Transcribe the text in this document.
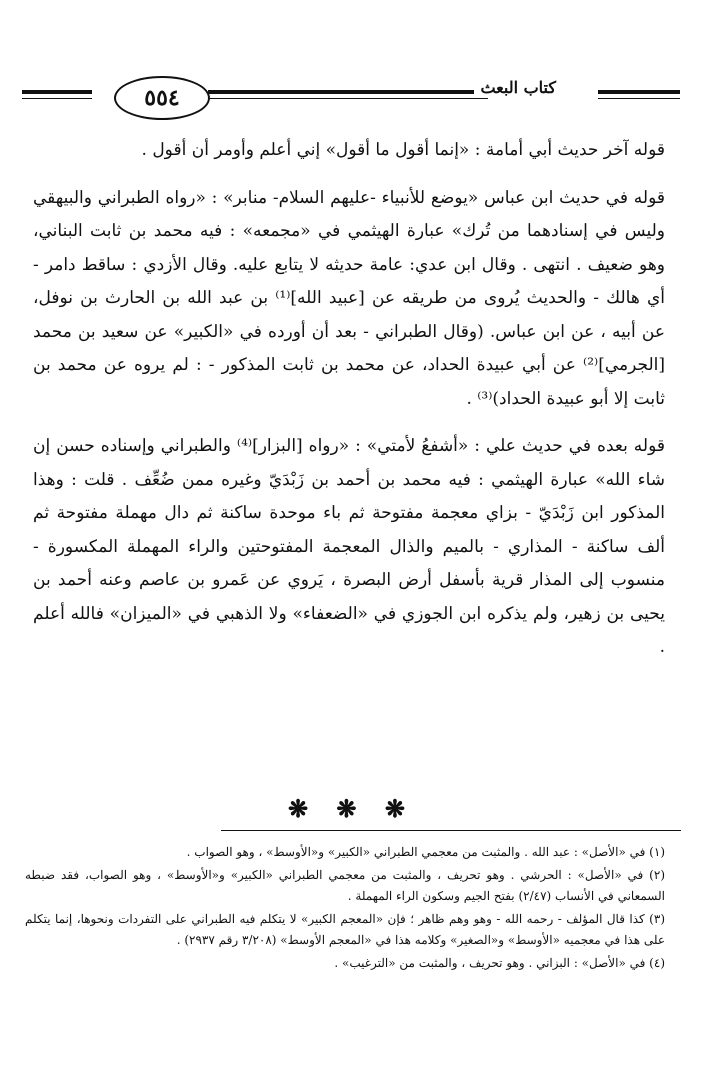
٥٥٤	كتاب البعث

قوله آخر حديث أبي أمامة : «إنما أقول ما أقول» إني أعلم وأومر أن أقول .

قوله في حديث ابن عباس «يوضع للأنبياء -عليهم السلام- منابر» : «رواه الطبراني والبيهقي وليس في إسنادهما من تُرك» عبارة الهيثمي في «مجمعه» : فيه محمد بن ثابت البناني، وهو ضعيف . انتهى . وقال ابن عدي: عامة حديثه لا يتابع عليه. وقال الأزدي : ساقط دامر - أي هالك - والحديث يُروى من طريقه عن [عبيد الله]⁽¹⁾ بن عبد الله بن الحارث بن نوفل، عن أبيه ، عن ابن عباس. (وقال الطبراني - بعد أن أورده في «الكبير» عن سعيد بن محمد [الجرمي]⁽²⁾ عن أبي عبيدة الحداد، عن محمد بن ثابت المذكور - : لم يروه عن محمد بن ثابت إلا أبو عبيدة الحداد)⁽³⁾ .

قوله بعده في حديث علي : «أشفعُ لأمتي» : «رواه [البزار]⁽⁴⁾ والطبراني وإسناده حسن إن شاء الله» عبارة الهيثمي : فيه محمد بن أحمد بن زَبْدَيّ وغيره ممن ضُعِّف . قلت : وهذا المذكور ابن زَبْدَيّ - بزاي معجمة مفتوحة ثم باء موحدة ساكنة ثم دال مهملة مفتوحة ثم ألف ساكنة - المذاري - بالميم والذال المعجمة المفتوحتين والراء المهملة المكسورة - منسوب إلى المذار قرية بأسفل أرض البصرة ، يَروي عن عَمرو بن عاصم وعنه أحمد بن يحيى بن زهير، ولم يذكره ابن الجوزي في «الضعفاء» ولا الذهبي في «الميزان» فالله أعلم .

❋ ❋ ❋

(١) في «الأصل» : عبد الله . والمثبت من معجمي الطبراني «الكبير» و«الأوسط» ، وهو الصواب .

(٢) في «الأصل» : الحرشي . وهو تحريف ، والمثبت من معجمي الطبراني «الكبير» و«الأوسط» ، وهو الصواب، فقد ضبطه السمعاني في الأنساب (٢/٤٧) بفتح الجيم وسكون الراء المهملة .

(٣) كذا قال المؤلف - رحمه الله - وهو وهم ظاهر ؛ فإن «المعجم الكبير» لا يتكلم فيه الطبراني على التفردات ونحوها، إنما يتكلم على هذا في معجميه «الأوسط» و«الصغير» وكلامه هذا في «المعجم الأوسط» (٣/٢٠٨ رقم ٢٩٣٧) .

(٤) في «الأصل» : البزاني . وهو تحريف ، والمثبت من «الترغيب» .
